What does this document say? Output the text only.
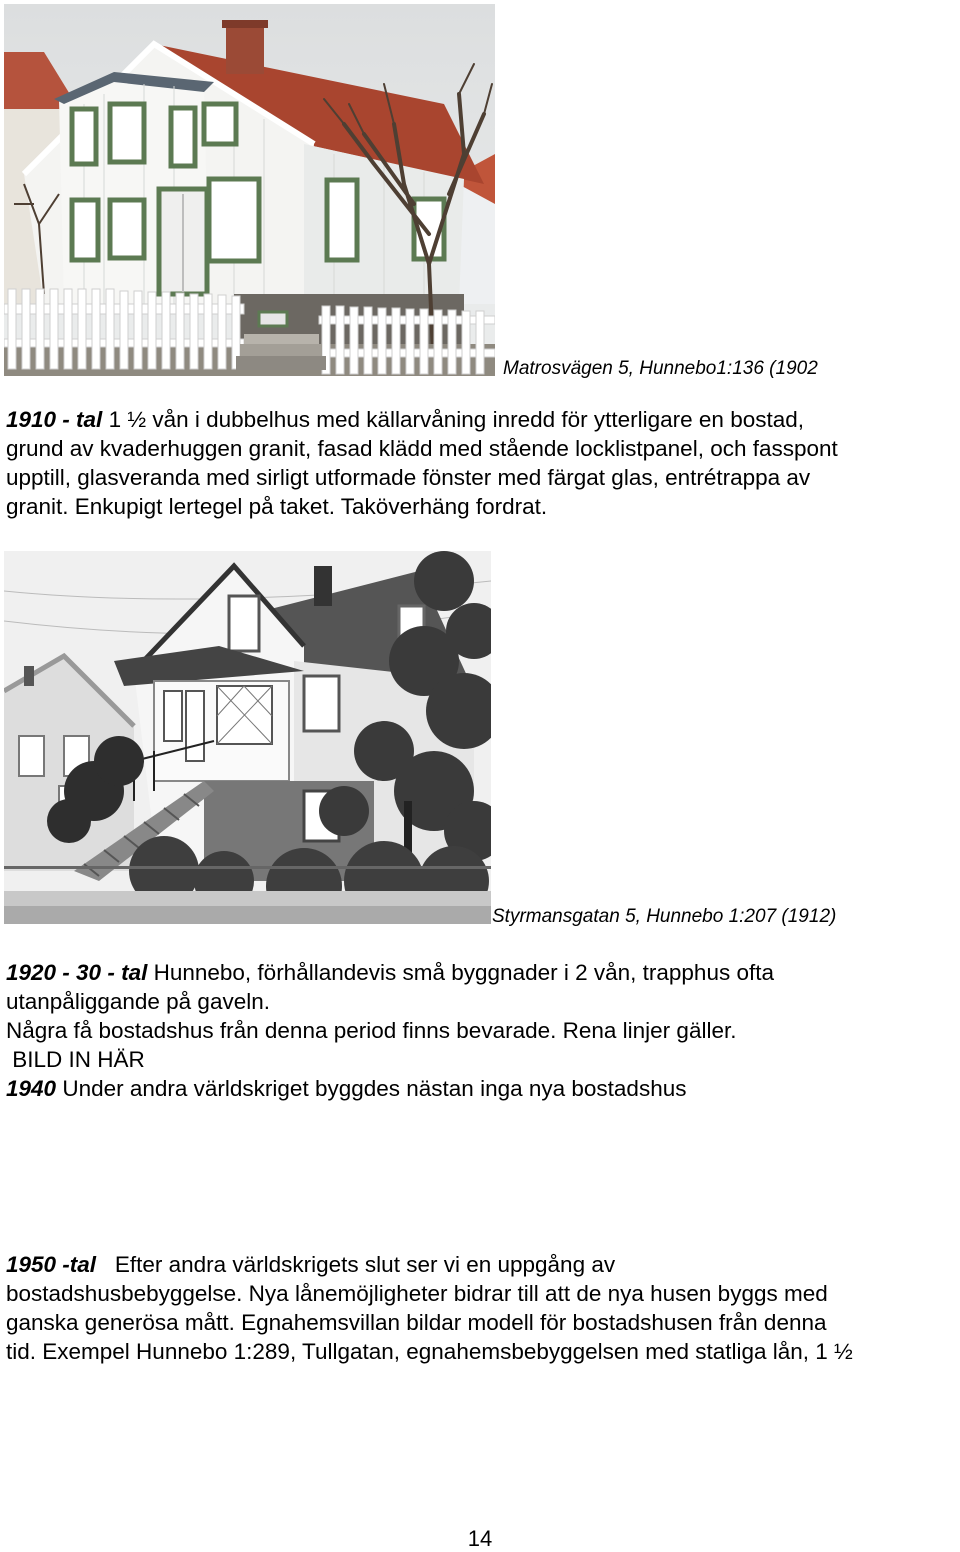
Matrosvägen 5, Hunnebo1:136 (1902
1910 - tal 1 ½ vån i dubbelhus med källarvåning inredd för ytterligare en bostad,
grund av kvaderhuggen granit, fasad klädd med stående locklistpanel, och fasspont
upptill, glasveranda med sirligt utformade fönster med färgat glas, entrétrappa av
granit. Enkupigt lertegel på taket. Taköverhäng fordrat.
Styrmansgatan 5, Hunnebo 1:207 (1912)
1920 - 30 - tal Hunnebo, förhållandevis små byggnader i 2 vån, trapphus ofta
utanpåliggande på gaveln.
Några få bostadshus från denna period finns bevarade. Rena linjer gäller.
BILD IN HÄR
1940 Under andra världskriget byggdes nästan inga nya bostadshus
1950 -tal Efter andra världskrigets slut ser vi en uppgång av
bostadshusbebyggelse. Nya lånemöjligheter bidrar till att de nya husen byggs med
ganska generösa mått. Egnahemsvillan bildar modell för bostadshusen från denna
tid. Exempel Hunnebo 1:289, Tullgatan, egnahemsbebyggelsen med statliga lån, 1 ½
14
